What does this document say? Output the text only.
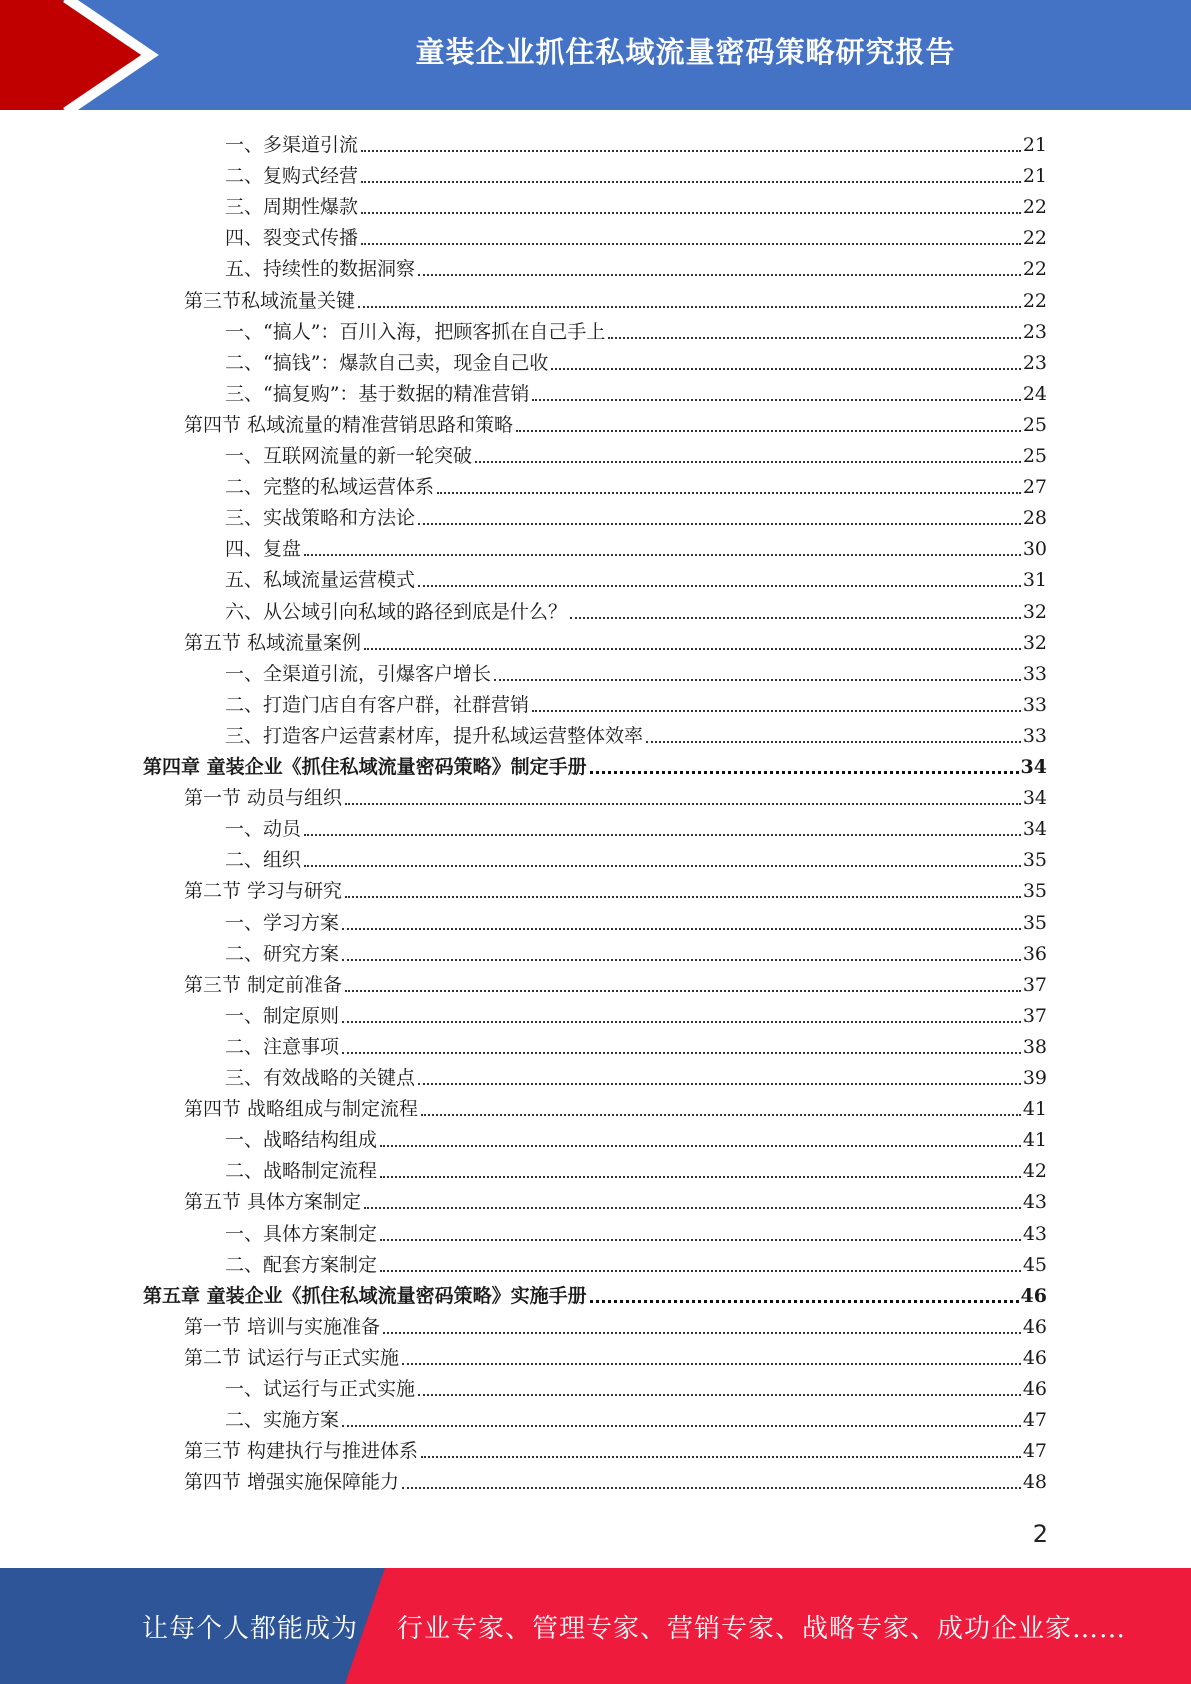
童装企业抓住私域流量密码策略研究报告
一、多渠道引流	21
二、复购式经营	21
三、周期性爆款	22
四、裂变式传播	22
五、持续性的数据洞察	22
第三节私域流量关键	22
一、“搞人”：百川入海，把顾客抓在自己手上	23
二、“搞钱”：爆款自己卖，现金自己收	23
三、“搞复购”：基于数据的精准营销	24
第四节 私域流量的精准营销思路和策略	25
一、互联网流量的新一轮突破	25
二、完整的私域运营体系	27
三、实战策略和方法论	28
四、复盘	30
五、私域流量运营模式	31
六、从公域引向私域的路径到底是什么？	32
第五节 私域流量案例	32
一、全渠道引流，引爆客户增长	33
二、打造门店自有客户群，社群营销	33
三、打造客户运营素材库，提升私域运营整体效率	33
第四章 童装企业《抓住私域流量密码策略》制定手册	34
第一节 动员与组织	34
一、动员	34
二、组织	35
第二节 学习与研究	35
一、学习方案	35
二、研究方案	36
第三节 制定前准备	37
一、制定原则	37
二、注意事项	38
三、有效战略的关键点	39
第四节 战略组成与制定流程	41
一、战略结构组成	41
二、战略制定流程	42
第五节 具体方案制定	43
一、具体方案制定	43
二、配套方案制定	45
第五章 童装企业《抓住私域流量密码策略》实施手册	46
第一节 培训与实施准备	46
第二节 试运行与正式实施	46
一、试运行与正式实施	46
二、实施方案	47
第三节 构建执行与推进体系	47
第四节 增强实施保障能力	48
2
让每个人都能成为 行业专家、管理专家、营销专家、战略专家、成功企业家……
